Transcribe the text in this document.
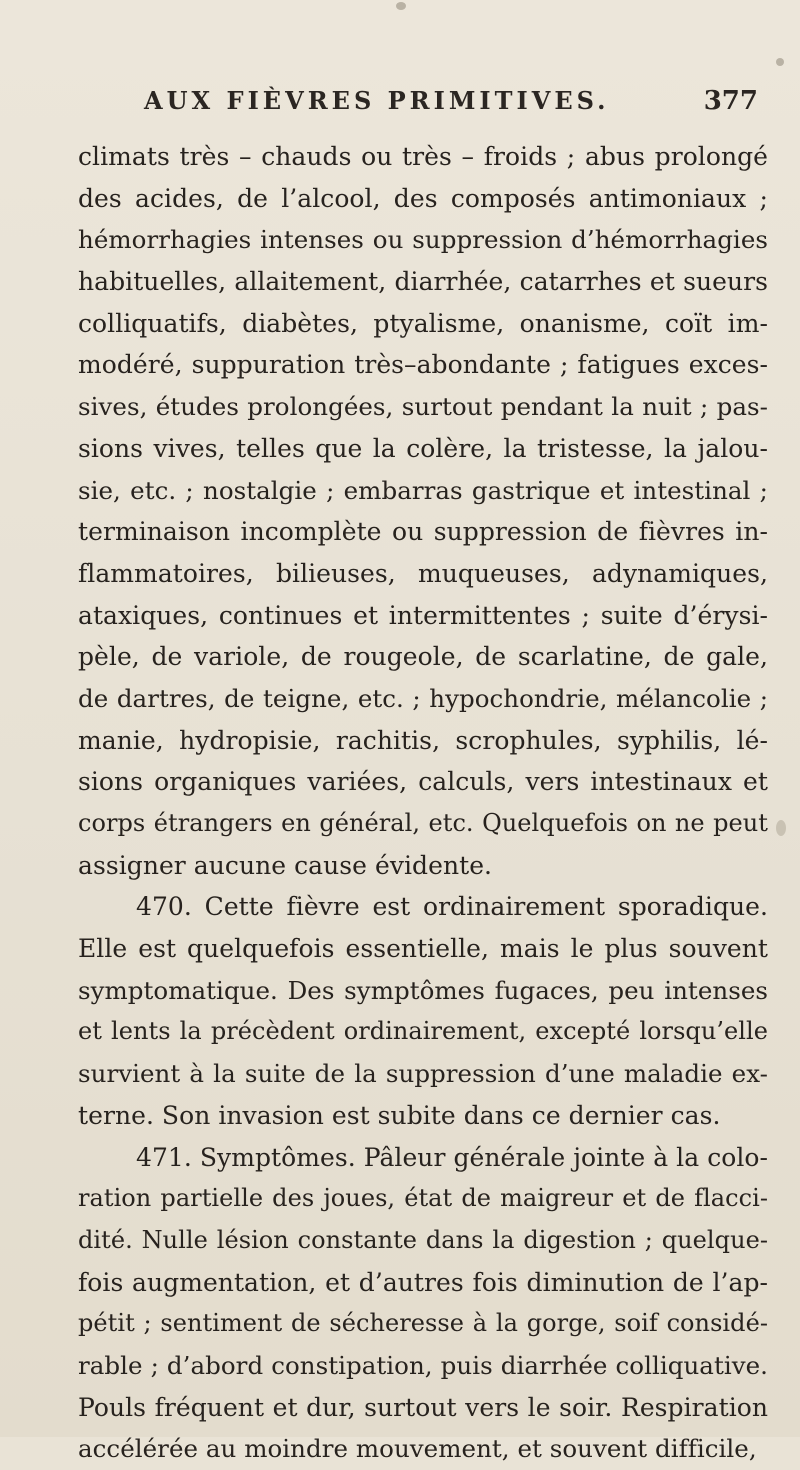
AUX FIÈVRES PRIMITIVES.	377
climats très – chauds ou très – froids ; abus prolongé
des acides, de l’alcool, des composés antimoniaux ;
hémorrhagies intenses ou suppression d’hémorrhagies
habituelles, allaitement, diarrhée, catarrhes et sueurs
colliquatifs, diabètes, ptyalisme, onanisme, coït im-
modéré, suppuration très–abondante ; fatigues exces-
sives, études prolongées, surtout pendant la nuit ; pas-
sions vives, telles que la colère, la tristesse, la jalou-
sie, etc. ; nostalgie ; embarras gastrique et intestinal ;
terminaison incomplète ou suppression de fièvres in-
flammatoires, bilieuses, muqueuses, adynamiques,
ataxiques, continues et intermittentes ; suite d’érysi-
pèle, de variole, de rougeole, de scarlatine, de gale,
de dartres, de teigne, etc. ; hypochondrie, mélancolie ;
manie, hydropisie, rachitis, scrophules, syphilis, lé-
sions organiques variées, calculs, vers intestinaux et
corps étrangers en général, etc. Quelquefois on ne peut
assigner aucune cause évidente.
470. Cette fièvre est ordinairement sporadique.
Elle est quelquefois essentielle, mais le plus souvent
symptomatique. Des symptômes fugaces, peu intenses
et lents la précèdent ordinairement, excepté lorsqu’elle
survient à la suite de la suppression d’une maladie ex-
terne. Son invasion est subite dans ce dernier cas.
471. Symptômes. Pâleur générale jointe à la colo-
ration partielle des joues, état de maigreur et de flacci-
dité. Nulle lésion constante dans la digestion ; quelque-
fois augmentation, et d’autres fois diminution de l’ap-
pétit ; sentiment de sécheresse à la gorge, soif considé-
rable ; d’abord constipation, puis diarrhée colliquative.
Pouls fréquent et dur, surtout vers le soir. Respiration
accélérée au moindre mouvement, et souvent difficile,
